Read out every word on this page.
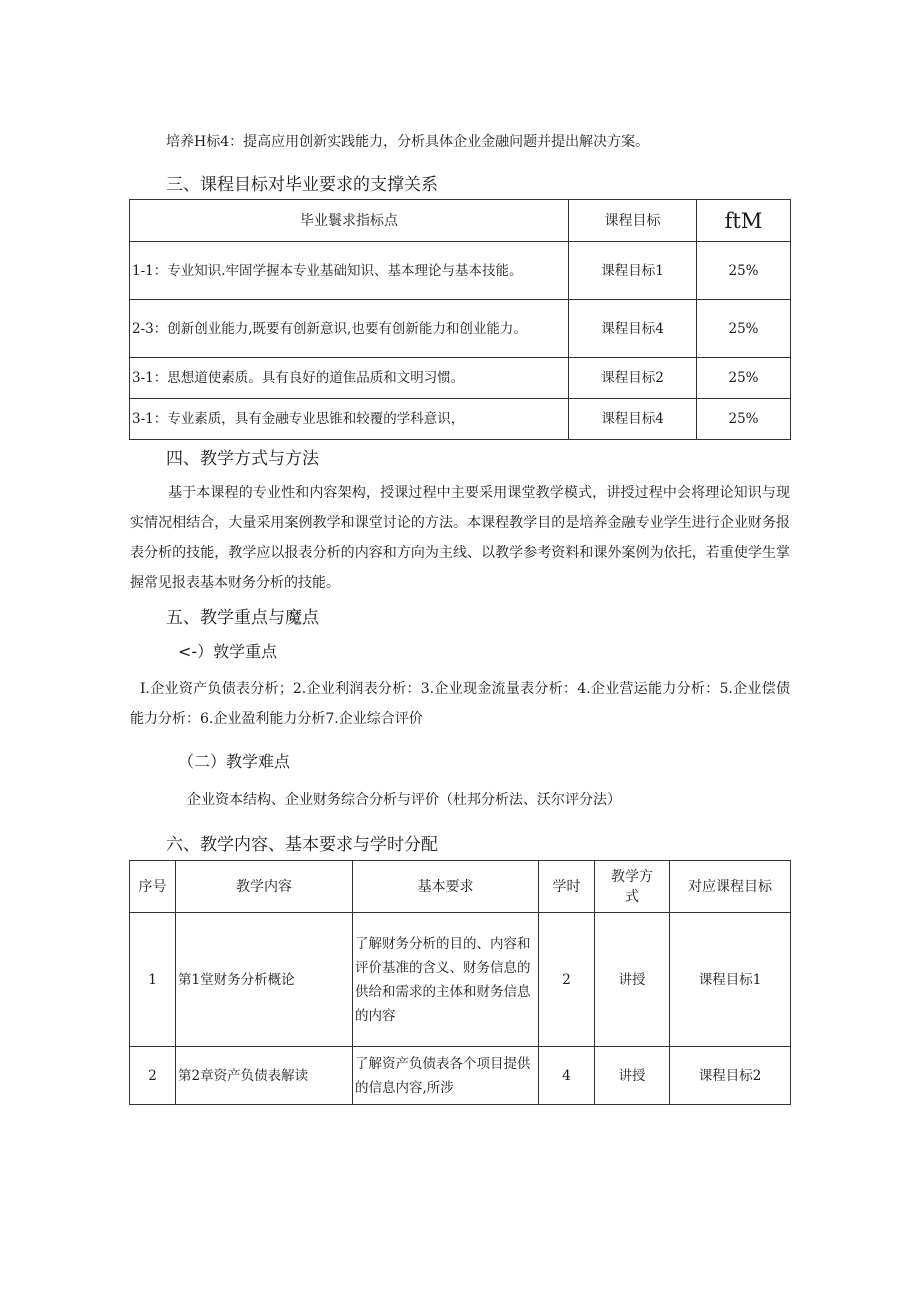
培养H标4：提高应用创新实践能力，分析具体企业金融问题并提出解决方案。
三、课程目标对毕业要求的支撑关系
毕业鬟求指标点	课程目标	ftM
1-1：专业知识.牢固学握本专业基础知识、基本理论与基本技能。	课程目标1	25%
2-3：创新创业能力,既要有创新意识,也要有创新能力和创业能力。	课程目标4	25%
3-1：思想道使素质。具有良好的道隹品质和文明习惯。	课程目标2	25%
3-1：专业素质，具有金融专业思锥和较覆的学科意识，	课程目标4	25%
四、教学方式与方法
基于本课程的专业性和内容架构，授课过程中主要采用课堂教学模式，讲授过程中会将理论知识与现实情况相结合，大量采用案例教学和课堂讨论的方法。本课程教学目的是培养金融专业学生进行企业财务报表分析的技能，教学应以报表分析的内容和方向为主线、以教学参考资料和课外案例为依托，若重使学生掌握常见报表基本财务分析的技能。
五、教学重点与魔点
<-）敦学重点
I.企业资产负债表分析；2.企业利润表分析：3.企业现金流量表分析：4.企业营运能力分析：5.企业偿债能力分析：6.企业盈利能力分析7.企业综合评价
（二）教学难点
企业资本结构、企业财务综合分析与评价（杜邦分析法、沃尔评分法）
六、教学内容、基本要求与学时分配
序号	教学内容	基本要求	学时	教学方式	对应课程目标
1	第1堂财务分析概论	了解财务分析的目的、内容和评价基准的含义、财务信息的供给和需求的主体和财务信息的内容	2	讲授	课程目标1
2	第2章资产负债表解读	了解资产负债表各个项目提供的信息内容,所涉	4	讲授	课程目标2
